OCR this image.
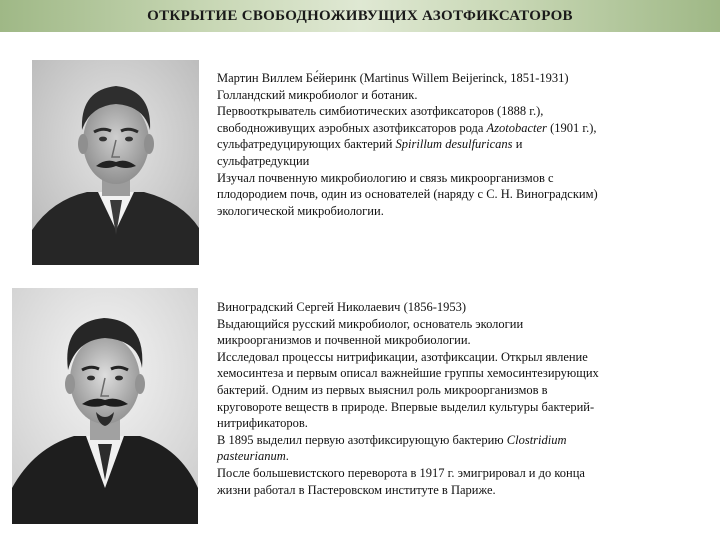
ОТКРЫТИЕ СВОБОДНОЖИВУЩИХ АЗОТФИКСАТОРОВ

Мартин Виллем Бе́йеринк (Martinus Willem Beijerinck, 1851-1931)

Голландский микробиолог и ботаник.

Первооткрыватель симбиотических азотфиксаторов (1888 г.),

свободноживущих аэробных азотфиксаторов рода Azotobacter (1901 г.),

сульфатредуцирующих бактерий Spirillum desulfuricans и

сульфатредукции

Изучал почвенную микробиологию и связь микроорганизмов с

плодородием почв, один из основателей (наряду с С. Н. Виноградским)

экологической микробиологии.

Виноградский Сергей Николаевич (1856-1953)

Выдающийся русский микробиолог, основатель экологии

микроорганизмов и почвенной микробиологии.

Исследовал процессы нитрификации, азотфиксации. Открыл явление

хемосинтеза и первым описал важнейшие группы хемосинтезирующих

бактерий. Одним из первых выяснил роль микроорганизмов в

круговороте веществ в природе. Впервые выделил культуры бактерий-

нитрификаторов.

В 1895 выделил первую азотфиксирующую бактерию Clostridium

pasteurianum.

После большевистского переворота в 1917 г. эмигрировал и до конца

жизни работал в Пастеровском институте в Париже.
